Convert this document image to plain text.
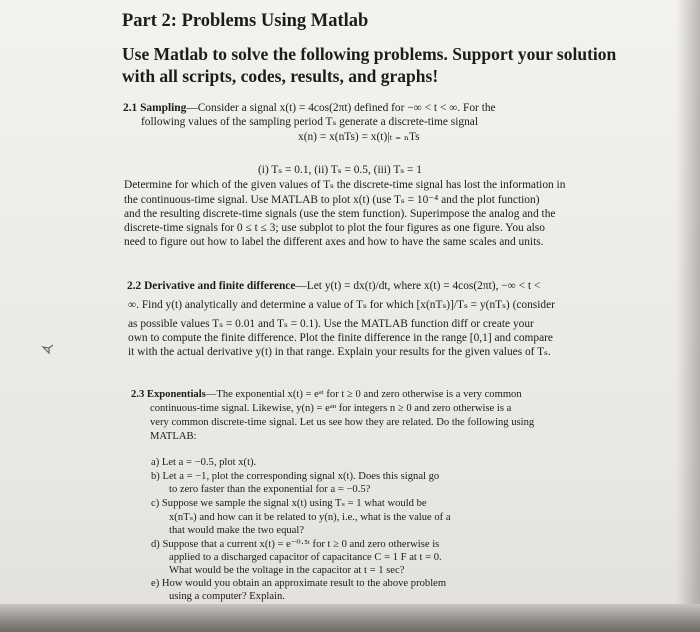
Part 2: Problems Using Matlab
Use Matlab to solve the following problems. Support your solution
with all scripts, codes, results, and graphs!
2.1 Sampling—Consider a signal x(t) = 4cos(2πt) defined for −∞ < t < ∞. For the
following values of the sampling period Tₛ generate a discrete-time signal
x(n) = x(nTs) = x(t)|ₜ ₌ ₙTs
(i) Tₛ = 0.1, (ii) Tₛ = 0.5, (iii) Tₛ = 1
Determine for which of the given values of Tₛ the discrete-time signal has lost the information in
the continuous-time signal. Use MATLAB to plot x(t) (use Tₛ = 10⁻⁴ and the plot function)
and the resulting discrete-time signals (use the stem function). Superimpose the analog and the
discrete-time signals for 0 ≤ t ≤ 3; use subplot to plot the four figures as one figure. You also
need to figure out how to label the different axes and how to have the same scales and units.
2.2 Derivative and finite difference—Let y(t) = dx(t)/dt, where x(t) = 4cos(2πt), −∞ < t <
∞. Find y(t) analytically and determine a value of Tₛ for which [x(nTₛ)]/Tₛ = y(nTₛ) (consider
as possible values Tₛ = 0.01 and Tₛ = 0.1). Use the MATLAB function diff or create your
own to compute the finite difference. Plot the finite difference in the range [0,1] and compare
it with the actual derivative y(t) in that range. Explain your results for the given values of Tₛ.
2.3 Exponentials—The exponential x(t) = eᵃᵗ for t ≥ 0 and zero otherwise is a very common
continuous-time signal. Likewise, y(n) = eᵃⁿ for integers n ≥ 0 and zero otherwise is a
very common discrete-time signal. Let us see how they are related. Do the following using
MATLAB:
a) Let a = −0.5, plot x(t).
b) Let a = −1, plot the corresponding signal x(t). Does this signal go
to zero faster than the exponential for a = −0.5?
c) Suppose we sample the signal x(t) using Tₛ = 1 what would be
x(nTₛ) and how can it be related to y(n), i.e., what is the value of a
that would make the two equal?
d) Suppose that a current x(t) = e⁻⁰·⁵ᵗ for t ≥ 0 and zero otherwise is
applied to a discharged capacitor of capacitance C = 1 F at t = 0.
What would be the voltage in the capacitor at t = 1 sec?
e) How would you obtain an approximate result to the above problem
using a computer? Explain.
